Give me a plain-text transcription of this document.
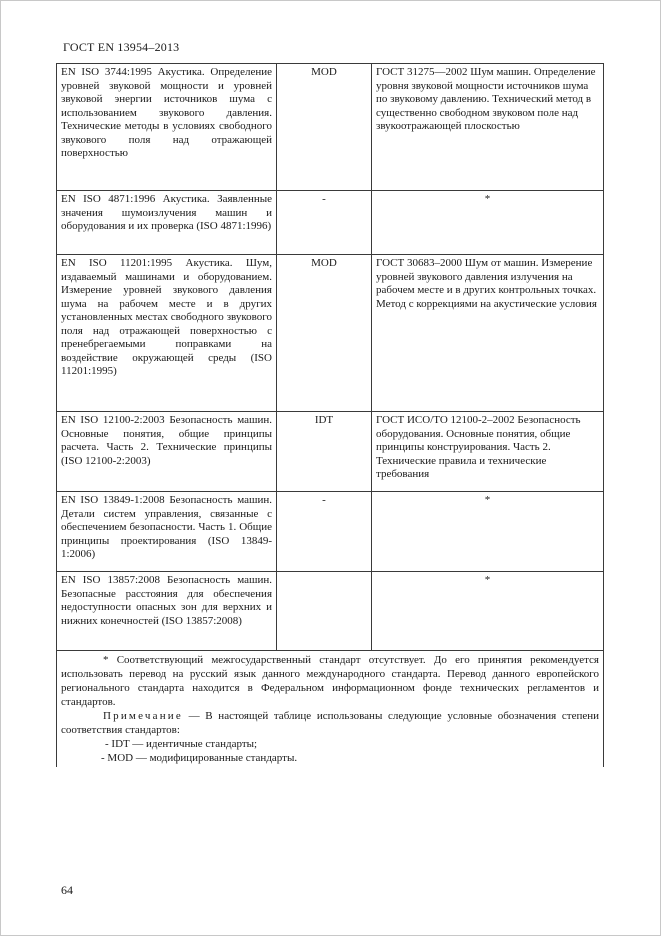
ГОСТ EN 13954–2013
EN ISO 3744:1995 Акустика. Определение уровней звуковой мощности и уровней звуковой энергии источников шума с использованием звукового давления. Технические методы в условиях свободного звукового поля над отражающей поверхностью	MOD	ГОСТ 31275—2002 Шум машин. Определение уровня звуковой мощности источников шума по звуковому давлению. Технический метод в существенно свободном звуковом поле над звукоотражающей плоскостью
EN ISO 4871:1996 Акустика. Заявленные значения шумоизлучения машин и оборудования и их проверка (ISO 4871:1996)	-	*

EN ISO 11201:1995 Акустика. Шум, издаваемый машинами и оборудованием. Измерение уровней звукового давления шума на рабочем месте и в других установленных местах свободного звукового поля над отражающей поверхностью с пренебрегаемыми поправками на воздействие окружающей среды (ISO 11201:1995)	MOD	ГОСТ 30683–2000 Шум от машин. Измерение уровней звукового давления излучения на рабочем месте и в других контрольных точках. Метод с коррекциями на акустические условия
EN ISO 12100-2:2003 Безопасность машин. Основные понятия, общие принципы расчета. Часть 2. Технические принципы (ISO 12100-2:2003)	IDT	ГОСТ ИСО/ТО 12100-2–2002 Безопасность оборудования. Основные понятия, общие принципы конструирования. Часть 2. Технические правила и технические требования
EN ISO 13849-1:2008 Безопасность машин. Детали систем управления, связанные с обеспечением безопасности. Часть 1. Общие принципы проектирования (ISO 13849-1:2006)	-	*

EN ISO 13857:2008 Безопасность машин. Безопасные расстояния для обеспечения недоступности опасных зон для верхних и нижних конечностей (ISO 13857:2008)		*

* Соответствующий межгосударственный стандарт отсутствует. До его принятия рекомендуется использовать перевод на русский язык данного международного стандарта. Перевод данного европейского регионального стандарта находится в Федеральном информационном фонде технических регламентов и стандартов.

Примечание — В настоящей таблице использованы следующие условные обозначения степени соответствия стандартов:

- IDT — идентичные стандарты;

- MOD –– модифицированные стандарты.		

64
